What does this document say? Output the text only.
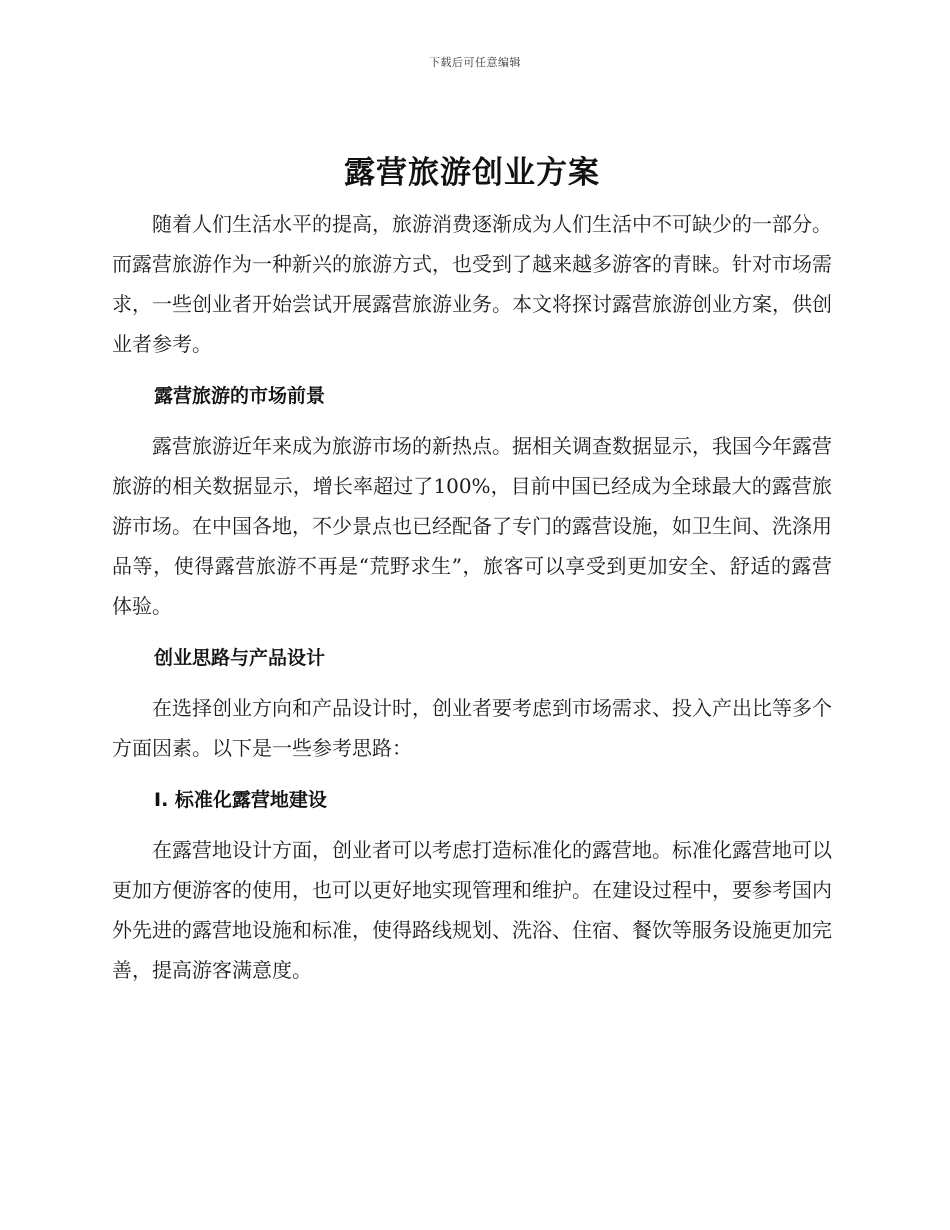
下载后可任意编辑
露营旅游创业方案

随着人们生活水平的提高，旅游消费逐渐成为人们生活中不可缺少的一部分。而露营旅游作为一种新兴的旅游方式，也受到了越来越多游客的青睐。针对市场需求，一些创业者开始尝试开展露营旅游业务。本文将探讨露营旅游创业方案，供创业者参考。

露营旅游的市场前景

露营旅游近年来成为旅游市场的新热点。据相关调查数据显示，我国今年露营旅游的相关数据显示，增长率超过了100%，目前中国已经成为全球最大的露营旅游市场。在中国各地，不少景点也已经配备了专门的露营设施，如卫生间、洗涤用品等，使得露营旅游不再是“荒野求生”，旅客可以享受到更加安全、舒适的露营体验。

创业思路与产品设计

在选择创业方向和产品设计时，创业者要考虑到市场需求、投入产出比等多个方面因素。以下是一些参考思路：

I. 标准化露营地建设

在露营地设计方面，创业者可以考虑打造标准化的露营地。标准化露营地可以更加方便游客的使用，也可以更好地实现管理和维护。在建设过程中，要参考国内外先进的露营地设施和标准，使得路线规划、洗浴、住宿、餐饮等服务设施更加完善，提高游客满意度。
